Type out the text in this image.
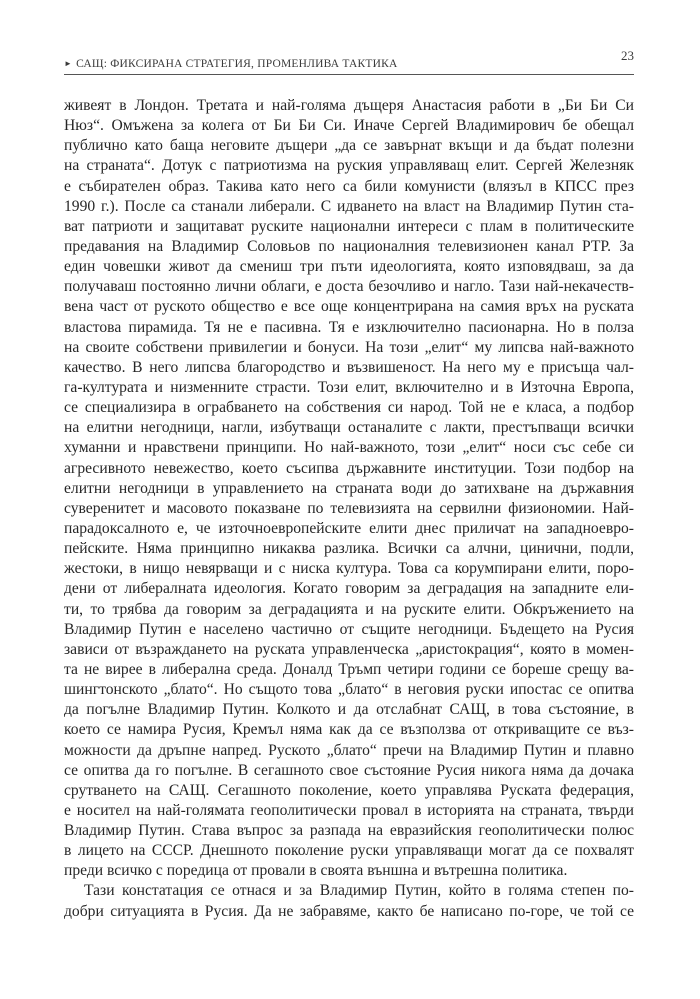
► САЩ: ФИКСИРАНА СТРАТЕГИЯ, ПРОМЕНЛИВА ТАКТИКА
23
живеят в Лондон. Третата и най-голяма дъщеря Анастасия работи в „Би Би Си
Нюз“. Омъжена за колега от Би Би Си. Иначе Сергей Владимирович бе обещал
публично като баща неговите дъщери „да се завърнат вкъщи и да бъдат полезни
на страната“. Дотук с патриотизма на руския управляващ елит. Сергей Железняк
е събирателен образ. Такива като него са били комунисти (влязъл в КПСС през
1990 г.). После са станали либерали. С идването на власт на Владимир Путин ста-
ват патриоти и защитават руските национални интереси с плам в политическите
предавания на Владимир Соловьов по националния телевизионен канал РТР. За
един човешки живот да смениш три пъти идеологията, която изповядваш, за да
получаваш постоянно лични облаги, е доста безочливо и нагло. Тази най-некачеств-
вена част от руското общество е все още концентрирана на самия връх на руската
властова пирамида. Тя не е пасивна. Тя е изключително пасионарна. Но в полза
на своите собствени привилегии и бонуси. На този „елит“ му липсва най-важното
качество. В него липсва благородство и възвишеност. На него му е присъща чал-
га-културата и низменните страсти. Този елит, включително и в Източна Европа,
се специализира в ограбването на собствения си народ. Той не е класа, а подбор
на елитни негодници, нагли, избутващи останалите с лакти, престъпващи всички
хуманни и нравствени принципи. Но най-важното, този „елит“ носи със себе си
агресивното невежество, което съсипва държавните институции. Този подбор на
елитни негодници в управлението на страната води до затихване на държавния
суверенитет и масовото показване по телевизията на сервилни физиономии. Най-
парадоксалното е, че източноевропейските елити днес приличат на западноевро-
пейските. Няма принципно никаква разлика. Всички са алчни, цинични, подли,
жестоки, в нищо невярващи и с ниска култура. Това са корумпирани елити, поро-
дени от либералната идеология. Когато говорим за деградация на западните ели-
ти, то трябва да говорим за деградацията и на руските елити. Обкръжението на
Владимир Путин е населено частично от същите негодници. Бъдещето на Русия
зависи от възраждането на руската управленческа „аристокрация“, която в момен-
та не вирее в либерална среда. Доналд Тръмп четири години се бореше срещу ва-
шингтонското „блато“. Но същото това „блато“ в неговия руски ипостас се опитва
да погълне Владимир Путин. Колкото и да отслабнат САЩ, в това състояние, в
което се намира Русия, Кремъл няма как да се възползва от откриващите се въз-
можности да дръпне напред. Руското „блато“ пречи на Владимир Путин и плавно
се опитва да го погълне. В сегашното свое състояние Русия никога няма да дочака
срутването на САЩ. Сегашното поколение, което управлява Руската федерация,
е носител на най-голямата геополитически провал в историята на страната, твърди
Владимир Путин. Става въпрос за разпада на евразийския геополитически полюс
в лицето на СССР. Днешното поколение руски управляващи могат да се похвалят
преди всичко с поредица от провали в своята външна и вътрешна политика.
Тази констатация се отнася и за Владимир Путин, който в голяма степен по-
добри ситуацията в Русия. Да не забравяме, както бе написано по-горе, че той се
